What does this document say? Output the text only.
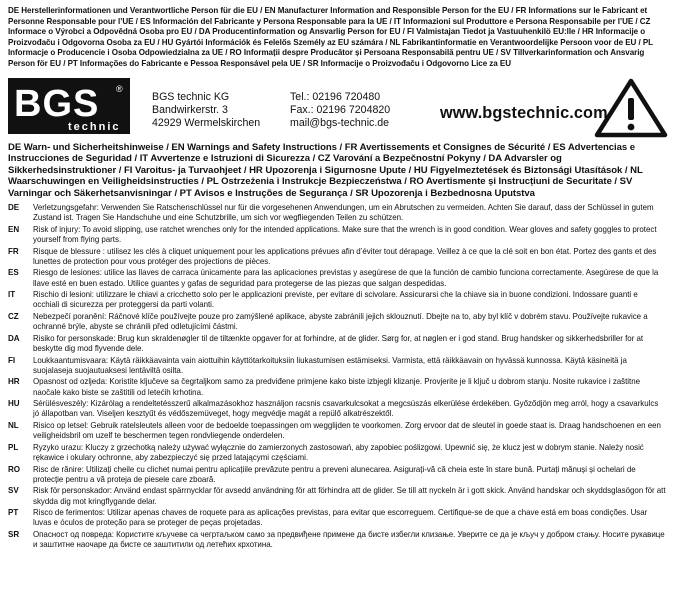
DE Herstellerinformationen und Verantwortliche Person für die EU / EN Manufacturer Information and Responsible Person for the EU / FR Informations sur le Fabricant et Personne Responsable pour l’UE / ES Información del Fabricante y Persona Responsable para la UE / IT Informazioni sul Produttore e Persona Responsabile per l’UE / CZ Informace o Výrobci a Odpovědná Osoba pro EU / DA Producentinformation og Ansvarlig Person for EU / FI Valmistajan Tiedot ja Vastuuhenkilö EU:lle / HR Informacije o Proizvođaču i Odgovorna Osoba za EU / HU Gyártói Információk és Felelős Személy az EU számára / NL Fabrikantinformatie en Verantwoordelijke Persoon voor de EU / PL Informacje o Producencie i Osoba Odpowiedzialna za UE / RO Informații despre Producător și Persoana Responsabilă pentru UE / SV Tillverkarinformation och Ansvarig Person för EU / PT Informações do Fabricante e Pessoa Responsável pela UE / SR Informacije o Proizvođaču i Odgovorno Lice za EU
BGS
technic
®
BGS technic KG
Bandwirkerstr. 3
42929 Wermelskirchen
Tel.: 02196 720480
Fax.: 02196 7204820
mail@bgs-technic.de
www.bgstechnic.com
DE Warn- und Sicherheitshinweise / EN Warnings and Safety Instructions / FR Avertissements et Consignes de Sécurité / ES Advertencias e Instrucciones de Seguridad / IT Avvertenze e Istruzioni di Sicurezza / CZ Varování a Bezpečnostní Pokyny / DA Advarsler og Sikkerhedsinstruktioner / FI Varoitus- ja Turvaohjeet / HR Upozorenja i Sigurnosne Upute / HU Figyelmeztetések és Biztonsági Utasítások / NL Waarschuwingen en Veiligheidsinstructies / PL Ostrzeżenia i Instrukcje Bezpieczeństwa / RO Avertismente și Instrucțiuni de Securitate / SV Varningar och Säkerhetsanvisningar / PT Avisos e Instruções de Segurança / SR Upozorenja i Bezbednosna Uputstva
DE	Verletzungsgefahr: Verwenden Sie Ratschenschlüssel nur für die vorgesehenen Anwendungen, um ein Abrutschen zu vermeiden. Achten Sie darauf, dass der Schlüssel in gutem Zustand ist. Tragen Sie Handschuhe und eine Schutzbrille, um sich vor wegfliegenden Teilen zu schützen.
EN	Risk of injury: To avoid slipping, use ratchet wrenches only for the intended applications. Make sure that the wrench is in good condition. Wear gloves and safety goggles to protect yourself from flying parts.
FR	Risque de blessure : utilisez les clés à cliquet uniquement pour les applications prévues afin d’éviter tout dérapage. Veillez à ce que la clé soit en bon état. Portez des gants et des lunettes de protection pour vous protéger des projections de pièces.
ES	Riesgo de lesiones: utilice las llaves de carraca únicamente para las aplicaciones previstas y asegúrese de que la función de cambio funciona correctamente. Asegúrese de que la llave esté en buen estado. Utilice guantes y gafas de seguridad para protegerse de las piezas que salgan despedidas.
IT	Rischio di lesioni: utilizzare le chiavi a cricchetto solo per le applicazioni previste, per evitare di scivolare. Assicurarsi che la chiave sia in buone condizioni. Indossare guanti e occhiali di sicurezza per proteggersi da parti volanti.
CZ	Nebezpečí poranění: Ráčnové klíče používejte pouze pro zamýšlené aplikace, abyste zabránili jejich sklouznutí. Dbejte na to, aby byl klíč v dobrém stavu. Používejte rukavice a ochranné brýle, abyste se chránili před odletujícími částmi.
DA	Risiko for personskade: Brug kun skraldenøgler til de tiltænkte opgaver for at forhindre, at de glider. Sørg for, at nøglen er i god stand. Brug handsker og sikkerhedsbriller for at beskytte dig mod flyvende dele.
FI	Loukkaantumisvaara: Käytä räikkäavainta vain aiottuihin käyttötarkoituksiin liukastumisen estämiseksi. Varmista, että räikkäavain on hyvässä kunnossa. Käytä käsineitä ja suojalaseja suojautuaksesi lentäviltä osilta.
HR	Opasnost od ozljeda: Koristite ključeve sa čegrtaljkom samo za predviđene primjene kako biste izbjegli klizanje. Provjerite je li ključ u dobrom stanju. Nosite rukavice i zaštitne naočale kako biste se zaštitili od letećih krhotina.
HU	Sérülésveszély: Kizárólag a rendeltetésszerű alkalmazásokhoz használjon racsnis csavarkulcsokat a megcsúszás elkerülése érdekében. Győződjön meg arról, hogy a csavarkulcs jó állapotban van. Viseljen kesztyűt és védőszemüveget, hogy megvédje magát a repülő alkatrészektől.
NL	Risico op letsel: Gebruik ratelsleutels alleen voor de bedoelde toepassingen om wegglijden te voorkomen. Zorg ervoor dat de sleutel in goede staat is. Draag handschoenen en een veiligheidsbril om uzelf te beschermen tegen rondvliegende onderdelen.
PL	Ryzyko urazu: Kluczy z grzechotką należy używać wyłącznie do zamierzonych zastosowań, aby zapobiec poślizgowi. Upewnić się, że klucz jest w dobrym stanie. Należy nosić rękawice i okulary ochronne, aby zabezpieczyć się przed latającymi częściami.
RO	Risc de rănire: Utilizați cheile cu clichet numai pentru aplicațiile prevăzute pentru a preveni alunecarea. Asigurați-vă că cheia este în stare bună. Purtați mănuși și ochelari de protecție pentru a vă proteja de piesele care zboară.
SV	Risk för personskador: Använd endast spärrnycklar för avsedd användning för att förhindra att de glider. Se till att nyckeln är i gott skick. Använd handskar och skyddsglasögon för att skydda dig mot kringflygande delar.
PT	Risco de ferimentos: Utilizar apenas chaves de roquete para as aplicações previstas, para evitar que escorreguem. Certifique-se de que a chave está em boas condições. Usar luvas e óculos de proteção para se proteger de peças projetadas.
SR	Опасност од повреда: Користите кључеве са чегртаљком само за предвиђене примене да бисте избегли клизање. Уверите се да је кључ у добром стању. Носите рукавице и заштитне наочаре да бисте се заштитили од летећих крхотина.
